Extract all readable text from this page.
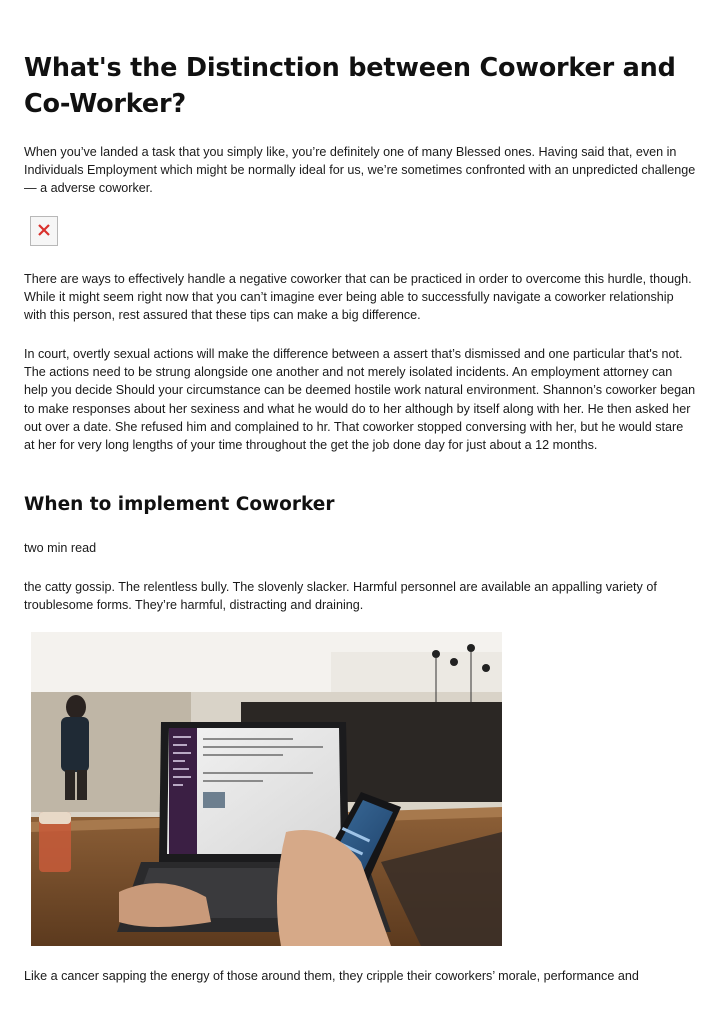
What's the Distinction between Coworker and Co-Worker?

When you’ve landed a task that you simply like, you’re definitely one of many Blessed ones. Having said that, even in Individuals Employment which might be normally ideal for us, we’re sometimes confronted with an unpredicted challenge — a adverse coworker.

There are ways to effectively handle a negative coworker that can be practiced in order to overcome this hurdle, though. While it might seem right now that you can’t imagine ever being able to successfully navigate a coworker relationship with this person, rest assured that these tips can make a big difference.

In court, overtly sexual actions will make the difference between a assert that’s dismissed and one particular that's not. The actions need to be strung alongside one another and not merely isolated incidents. An employment attorney can help you decide Should your circumstance can be deemed hostile work natural environment. Shannon’s coworker began to make responses about her sexiness and what he would do to her although by itself along with her. He then asked her out over a date. She refused him and complained to hr. That coworker stopped conversing with her, but he would stare at her for very long lengths of your time throughout the get the job done day for just about a 12 months.

When to implement Coworker

two min read

the catty gossip. The relentless bully. The slovenly slacker. Harmful personnel are available an appalling variety of troublesome forms. They’re harmful, distracting and draining.

Like a cancer sapping the energy of those around them, they cripple their coworkers’ morale, performance and
